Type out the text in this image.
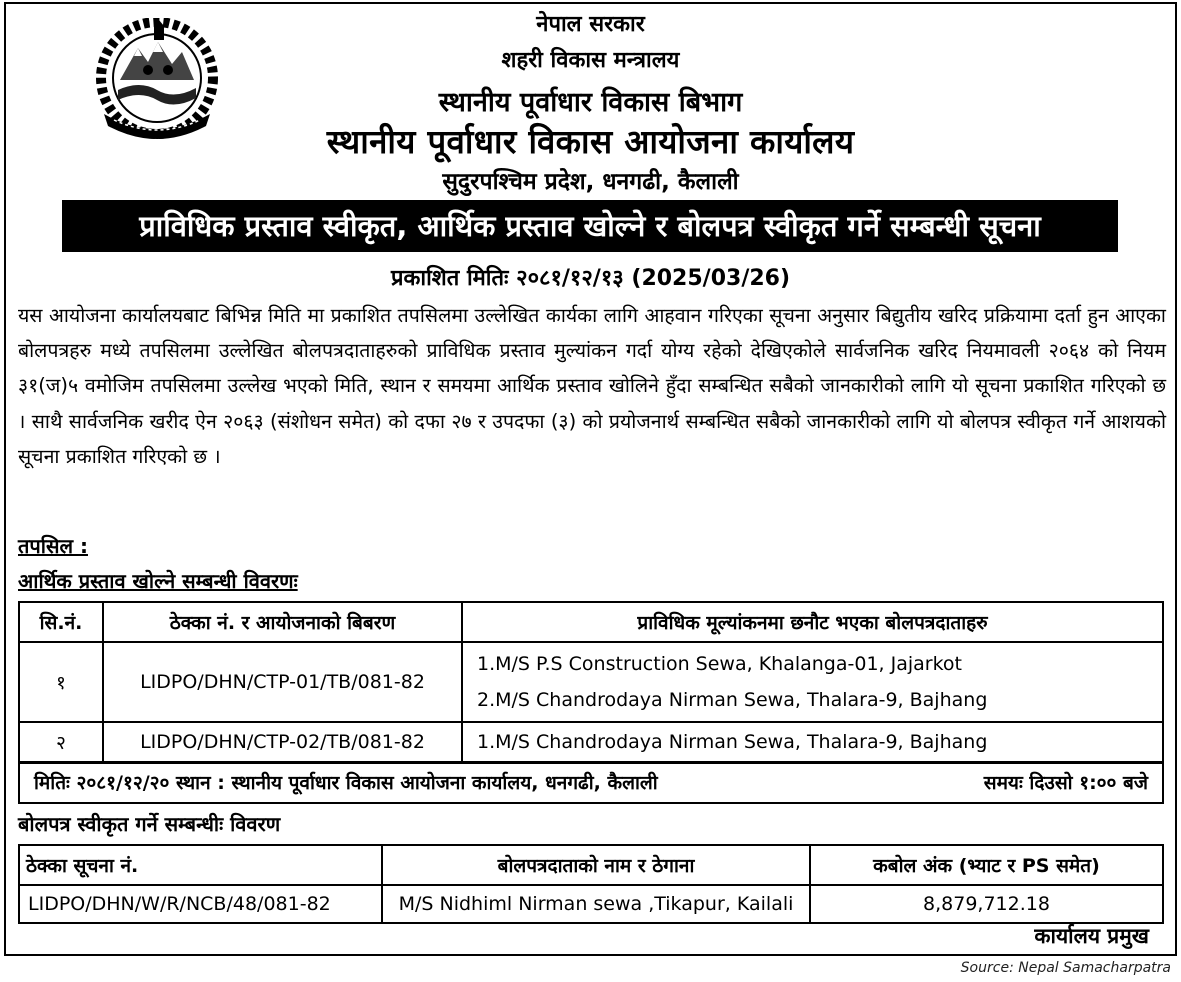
नेपाल सरकार
शहरी विकास मन्त्रालय
स्थानीय पूर्वाधार विकास बिभाग
स्थानीय पूर्वाधार विकास आयोजना कार्यालय
सुदुरपश्चिम प्रदेश, धनगढी, कैलाली
प्राविधिक प्रस्ताव स्वीकृत, आर्थिक प्रस्ताव खोल्ने र बोलपत्र स्वीकृत गर्ने सम्बन्धी सूचना
प्रकाशित मितिः २०८१/१२/१३ (2025/03/26)
यस आयोजना कार्यालयबाट बिभिन्न मिति मा प्रकाशित तपसिलमा उल्लेखित कार्यका लागि आहवान गरिएका सूचना अनुसार बिद्युतीय खरिद प्रक्रियामा दर्ता हुन आएका बोलपत्रहरु मध्ये तपसिलमा उल्लेखित बोलपत्रदाताहरुको प्राविधिक प्रस्ताव मुल्यांकन गर्दा योग्य रहेको देखिएकोले सार्वजनिक खरिद नियमावली २०६४ को नियम ३१(ज)५ वमोजिम तपसिलमा उल्लेख भएको मिति, स्थान र समयमा आर्थिक प्रस्ताव खोलिने हुँदा सम्बन्धित सबैको जानकारीको लागि यो सूचना प्रकाशित गरिएको छ । साथै सार्वजनिक खरीद ऐन २०६३ (संशोधन समेत) को दफा २७ र उपदफा (३) को प्रयोजनार्थ सम्बन्धित सबैको जानकारीको लागि यो बोलपत्र स्वीकृत गर्ने आशयको सूचना प्रकाशित गरिएको छ ।
तपसिल :
आर्थिक प्रस्ताव खोल्ने सम्बन्धी विवरणः
सि.नं.	ठेक्का नं. र आयोजनाको बिबरण	प्राविधिक मूल्यांकनमा छनौट भएका बोलपत्रदाताहरु
१	LIDPO/DHN/CTP-01/TB/081-82	1.M/S P.S Construction Sewa, Khalanga-01, Jajarkot
2.M/S Chandrodaya Nirman Sewa, Thalara-9, Bajhang

२	LIDPO/DHN/CTP-02/TB/081-82	1.M/S Chandrodaya Nirman Sewa, Thalara-9, Bajhang
मितिः २०८१/१२/२० स्थान : स्थानीय पूर्वाधार विकास आयोजना कार्यालय, धनगढी, कैलाली	समयः दिउसो १:०० बजे
बोलपत्र स्वीकृत गर्ने सम्बन्धीः विवरण
ठेक्का सूचना नं.	बोलपत्रदाताको नाम र ठेगाना	कबोल अंक (भ्याट र PS समेत)
LIDPO/DHN/W/R/NCB/48/081-82	M/S Nidhiml Nirman sewa ,Tikapur, Kailali	8,879,712.18
कार्यालय प्रमुख
Source: Nepal Samacharpatra
